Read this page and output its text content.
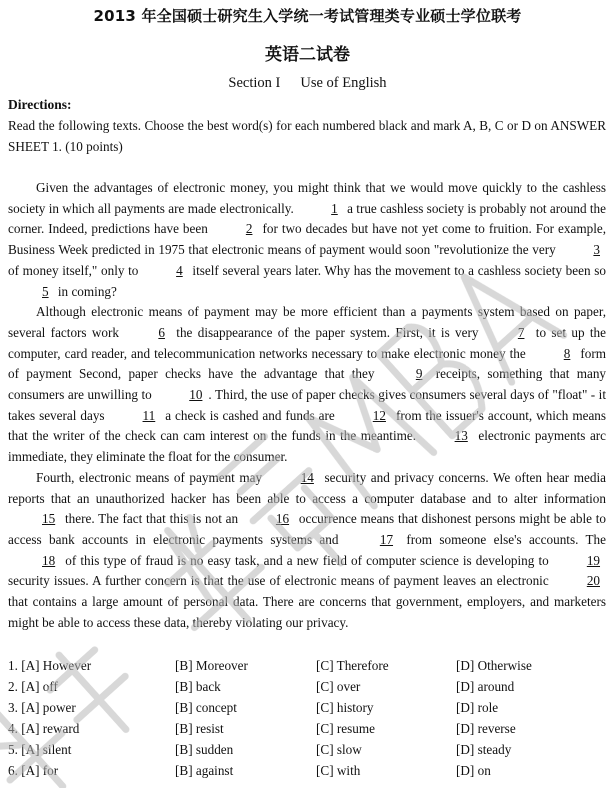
2013 年全国硕士研究生入学统一考试管理类专业硕士学位联考
英语二试卷
Section I Use of English
Directions:
Read the following texts. Choose the best word(s) for each numbered black and mark A, B, C or D on ANSWER SHEET 1. (10 points)

Given the advantages of electronic money, you might think that we would move quickly to the cashless society in which all payments are made electronically.	1 a true cashless society is probably not around the corner. Indeed, predictions have been	2 for two decades but have not yet come to fruition. For example, Business Week predicted in 1975 that electronic means of payment would soon "revolutionize the very	3 of money itself," only to	4 itself several years later. Why has the movement to a cashless society been so 5 in coming?

Although electronic means of payment may be more efficient than a payments system based on paper, several factors work	6 the disappearance of the paper system. First, it is very	7 to set up the computer, card reader, and telecommunication networks necessary to make electronic money the	8 form of payment Second, paper checks have the advantage that they	9 receipts, something that many consumers are unwilling to	10 . Third, the use of paper checks gives consumers several days of "float" - it takes several days	11 a check is cashed and funds are	12 from the issuer's account, which means that the writer of the check can cam interest on the funds in the meantime.	13 electronic payments arc immediate, they eliminate the float for the consumer.

Fourth, electronic means of payment may	14 security and privacy concerns. We often hear media reports that an unauthorized hacker has been able to access a computer database and to alter information 15 there. The fact that this is not an	16 occurrence means that dishonest persons might be able to access bank accounts in electronic payments systems and	17 from someone else's accounts. The 18 of this type of fraud is no easy task, and a new field of computer science is developing to	19 security issues. A further concern is that the use of electronic means of payment leaves an electronic	20 that contains a large amount of personal data. There are concerns that government, employers, and marketers might be able to access these data, thereby violating our privacy.

1. [A] However	[B] Moreover	[C] Therefore	[D] Otherwise
2. [A] off	[B] back	[C] over	[D] around
3. [A] power	[B] concept	[C] history	[D] role
4. [A] reward	[B] resist	[C] resume	[D] reverse
5. [A] silent	[B] sudden	[C] slow	[D] steady
6. [A] for	[B] against	[C] with	[D] on
